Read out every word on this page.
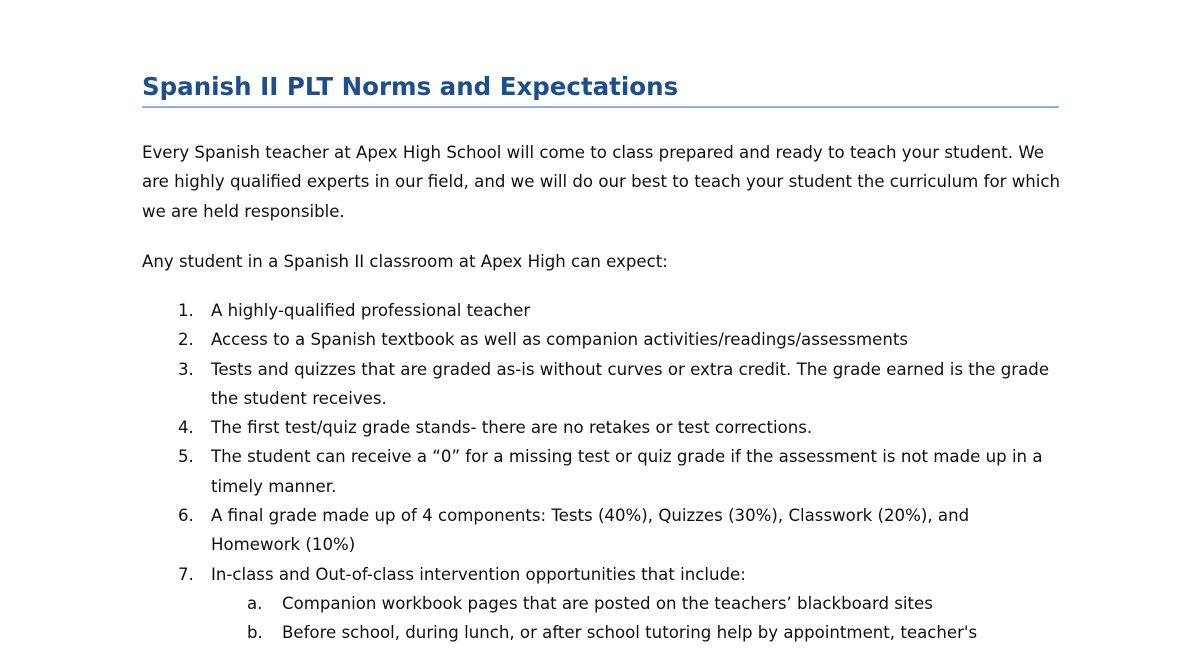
Spanish II PLT Norms and Expectations

Every Spanish teacher at Apex High School will come to class prepared and ready to teach your student. We are highly qualified experts in our field, and we will do our best to teach your student the curriculum for which we are held responsible.

Any student in a Spanish II classroom at Apex High can expect:

1. A highly-qualified professional teacher
2. Access to a Spanish textbook as well as companion activities/readings/assessments
3. Tests and quizzes that are graded as-is without curves or extra credit. The grade earned is the grade the student receives.
4. The first test/quiz grade stands- there are no retakes or test corrections.
5. The student can receive a “0” for a missing test or quiz grade if the assessment is not made up in a timely manner.
6. A final grade made up of 4 components: Tests (40%), Quizzes (30%), Classwork (20%), and Homework (10%)
7. In-class and Out-of-class intervention opportunities that include:
a. Companion workbook pages that are posted on the teachers’ blackboard sites
b. Before school, during lunch, or after school tutoring help by appointment, teacher's
